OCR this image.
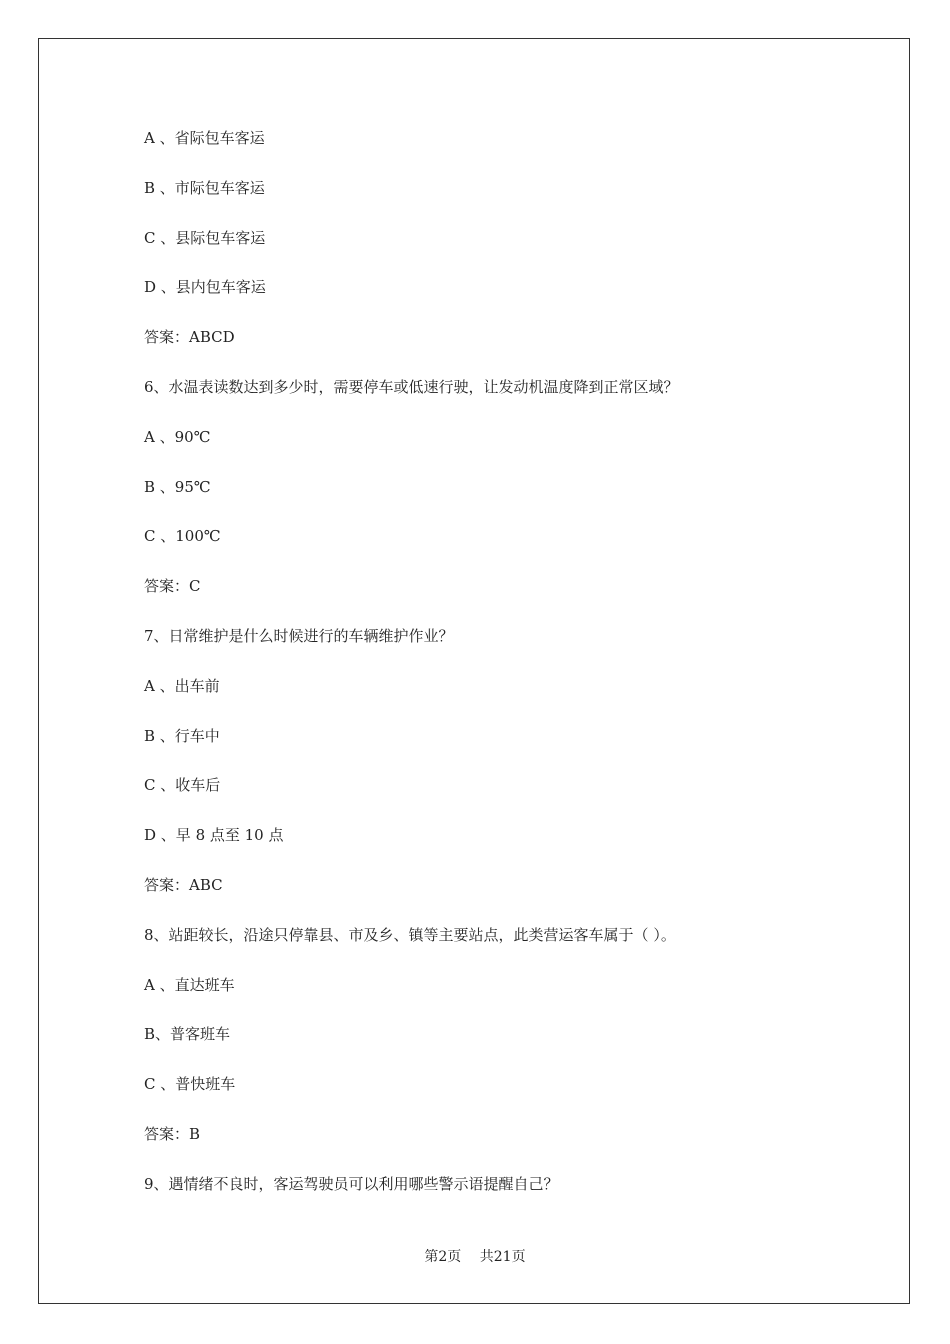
A 、省际包车客运
B 、市际包车客运
C 、县际包车客运
D 、县内包车客运
答案：ABCD
6、水温表读数达到多少时，需要停车或低速行驶，让发动机温度降到正常区域？
A 、90℃
B 、95℃
C 、100℃
答案：C
7、日常维护是什么时候进行的车辆维护作业？
A 、出车前
B 、行车中
C 、收车后
D 、早 8 点至 10 点
答案：ABC
8、站距较长，沿途只停靠县、市及乡、镇等主要站点，此类营运客车属于（ ）。
A 、直达班车
B、普客班车
C 、普快班车
答案：B
9、遇情绪不良时，客运驾驶员可以利用哪些警示语提醒自己？
第2页 共21页
